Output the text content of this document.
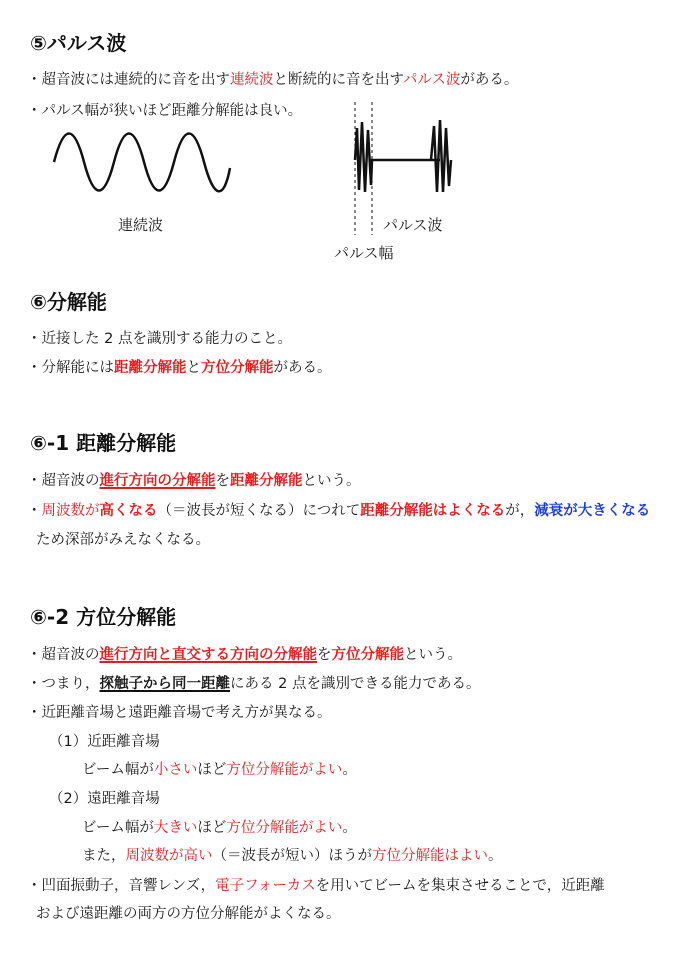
⑤パルス波
・超音波には連続的に音を出す連続波と断続的に音を出すパルス波がある。
・パルス幅が狭いほど距離分解能は良い。
連続波	パルス波
パルス幅
⑥分解能
・近接した 2 点を識別する能力のこと。
・分解能には距離分解能と方位分解能がある。
⑥-1 距離分解能
・超音波の進行方向の分解能を距離分解能という。
・周波数が高くなる（＝波長が短くなる）につれて距離分解能はよくなるが，減衰が大きくなる
ため深部がみえなくなる。
⑥-2 方位分解能
・超音波の進行方向と直交する方向の分解能を方位分解能という。
・つまり，探触子から同一距離にある 2 点を識別できる能力である。
・近距離音場と遠距離音場で考え方が異なる。
（1）近距離音場
ビーム幅が小さいほど方位分解能がよい。
（2）遠距離音場
ビーム幅が大きいほど方位分解能がよい。
また，周波数が高い（＝波長が短い）ほうが方位分解能はよい。
・凹面振動子，音響レンズ，電子フォーカスを用いてビームを集束させることで，近距離
および遠距離の両方の方位分解能がよくなる。
